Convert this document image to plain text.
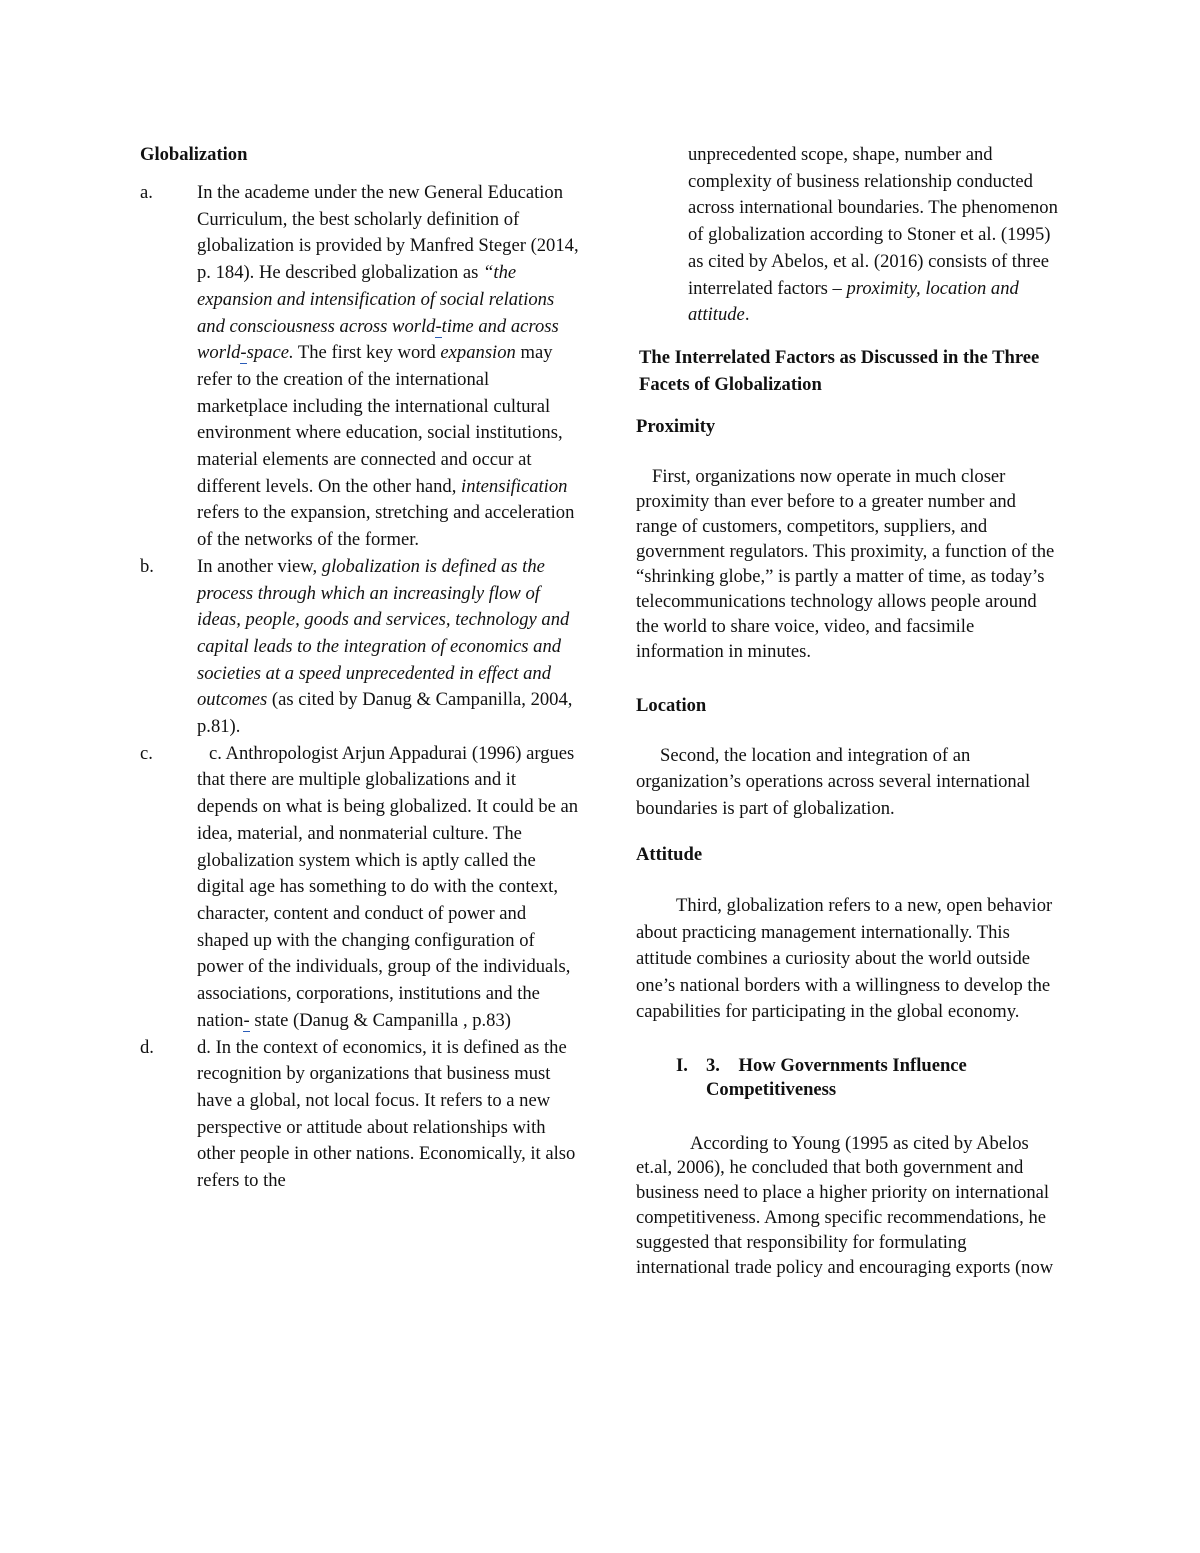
Globalization
a. In the academe under the new General Education Curriculum, the best scholarly definition of globalization is provided by Manfred Steger (2014, p. 184). He described globalization as “the expansion and intensification of social relations and consciousness across world-time and across world-space. The first key word expansion may refer to the creation of the international marketplace including the international cultural environment where education, social institutions, material elements are connected and occur at different levels. On the other hand, intensification refers to the expansion, stretching and acceleration of the networks of the former.
b. In another view, globalization is defined as the process through which an increasingly flow of ideas, people, goods and services, technology and capital leads to the integration of economics and societies at a speed unprecedented in effect and outcomes (as cited by Danug & Campanilla, 2004, p.81).
c.	c. Anthropologist Arjun Appadurai (1996) argues that there are multiple globalizations and it depends on what is being globalized. It could be an idea, material, and nonmaterial culture. The globalization system which is aptly called the digital age has something to do with the context, character, content and conduct of power and shaped up with the changing configuration of power of the individuals, group of the individuals, associations, corporations, institutions and the nation- state (Danug & Campanilla , p.83)
d. d. In the context of economics, it is defined as the recognition by organizations that business must have a global, not local focus. It refers to a new perspective or attitude about relationships with other people in other nations. Economically, it also refers to the
unprecedented scope, shape, number and complexity of business relationship conducted across international boundaries. The phenomenon of globalization according to Stoner et al. (1995) as cited by Abelos, et al. (2016) consists of three interrelated factors – proximity, location and attitude.
The Interrelated Factors as Discussed in the Three Facets of Globalization
Proximity

First, organizations now operate in much closer proximity than ever before to a greater number and range of customers, competitors, suppliers, and government regulators. This proximity, a function of the “shrinking globe,” is partly a matter of time, as today’s telecommunications technology allows people around the world to share voice, video, and facsimile information in minutes.

Location

Second, the location and integration of an organization’s operations across several international boundaries is part of globalization.

Attitude

Third, globalization refers to a new, open behavior about practicing management internationally. This attitude combines a curiosity about the world outside one’s national borders with a willingness to develop the capabilities for participating in the global economy.

I. 3.    How Governments Influence Competitiveness

According to Young (1995 as cited by Abelos et.al, 2006), he concluded that both government and business need to place a higher priority on international competitiveness. Among specific recommendations, he suggested that responsibility for formulating international trade policy and encouraging exports (now
